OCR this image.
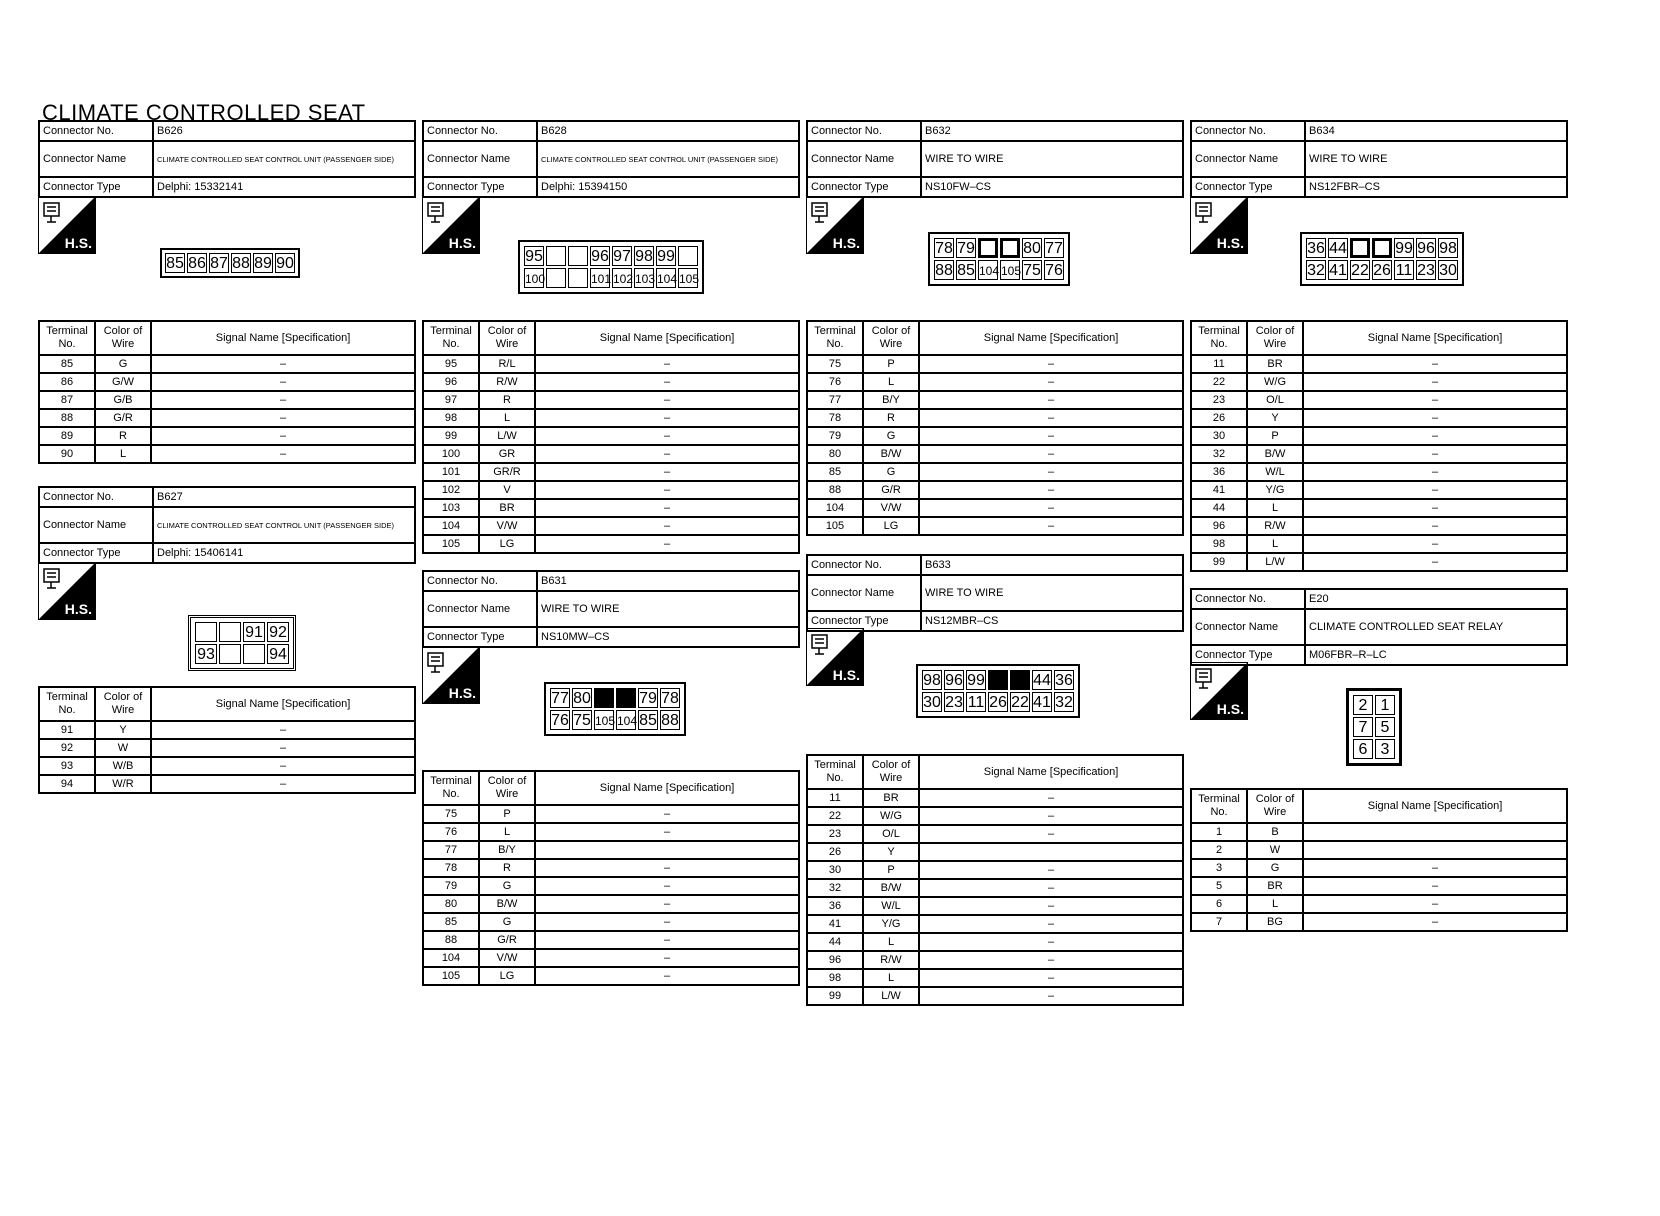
CLIMATE CONTROLLED SEAT
Connector No.	B626
Connector Name	CLIMATE CONTROLLED SEAT CONTROL UNIT (PASSENGER SIDE)
Connector Type	Delphi: 15332141
H.S.
85 86 87 88 89 90
Terminal No.	Color of Wire	Signal Name [Specification]
85	G	–
86	G/W	–
87	G/B	–
88	G/R	–
89	R	–
90	L	–
Connector No.	B627
Connector Name	CLIMATE CONTROLLED SEAT CONTROL UNIT (PASSENGER SIDE)
Connector Type	Delphi: 15406141
H.S.
91 92
93	94
Terminal No.	Color of Wire	Signal Name [Specification]
91	Y	–
92	W	–
93	W/B	–
94	W/R	–
Connector No.	B628
Connector Name	CLIMATE CONTROLLED SEAT CONTROL UNIT (PASSENGER SIDE)
Connector Type	Delphi: 15394150
H.S.
95	96 97 98 99
100	101 102 103 104 105
Terminal No.	Color of Wire	Signal Name [Specification]
95	R/L	–
96	R/W	–
97	R	–
98	L	–
99	L/W	–
100	GR	–
101	GR/R	–
102	V	–
103	BR	–
104	V/W	–
105	LG	–
Connector No.	B631
Connector Name	WIRE TO WIRE
Connector Type	NS10MW–CS
H.S.	77 80	79 78
76 75 105 104 85 88
Terminal No.	Color of Wire	Signal Name [Specification]
75	P	–
76	L	–
77	B/Y	
78	R	–
79	G	–
80	B/W	–
85	G	–
88	G/R	–
104	V/W	–
105	LG	–
Connector No.	B632
Connector Name	WIRE TO WIRE
Connector Type	NS10FW–CS
H.S.	78 79	80 77
88 85 104 105 75 76
Terminal No.	Color of Wire	Signal Name [Specification]
75	P	–
76	L	–
77	B/Y	–
78	R	–
79	G	–
80	B/W	–
85	G	–
88	G/R	–
104	V/W	–
105	LG	–
Connector No.	B633
Connector Name	WIRE TO WIRE
Connector Type	NS12MBR–CS
H.S.	98 96 99	44 36
30 23 11 26 22 41 32
Terminal No.	Color of Wire	Signal Name [Specification]
11	BR	–
22	W/G	–
23	O/L	–
26	Y	
30	P	–
32	B/W	–
36	W/L	–
41	Y/G	–
44	L	–
96	R/W	–
98	L	–
99	L/W	–
Connector No.	B634
Connector Name	WIRE TO WIRE
Connector Type	NS12FBR–CS
H.S.	36 44	99 96 98
32 41 22 26 11 23 30
Terminal No.	Color of Wire	Signal Name [Specification]
11	BR	–
22	W/G	–
23	O/L	–
26	Y	–
30	P	–
32	B/W	–
36	W/L	–
41	Y/G	–
44	L	–
96	R/W	–
98	L	–
99	L/W	–
Connector No.	E20
Connector Name	CLIMATE CONTROLLED SEAT RELAY
Connector Type	M06FBR–R–LC
H.S.	2 1
7 5
6 3
Terminal No.	Color of Wire	Signal Name [Specification]
1	B	
2	W	
3	G	–
5	BR	–
6	L	–
7	BG	–
